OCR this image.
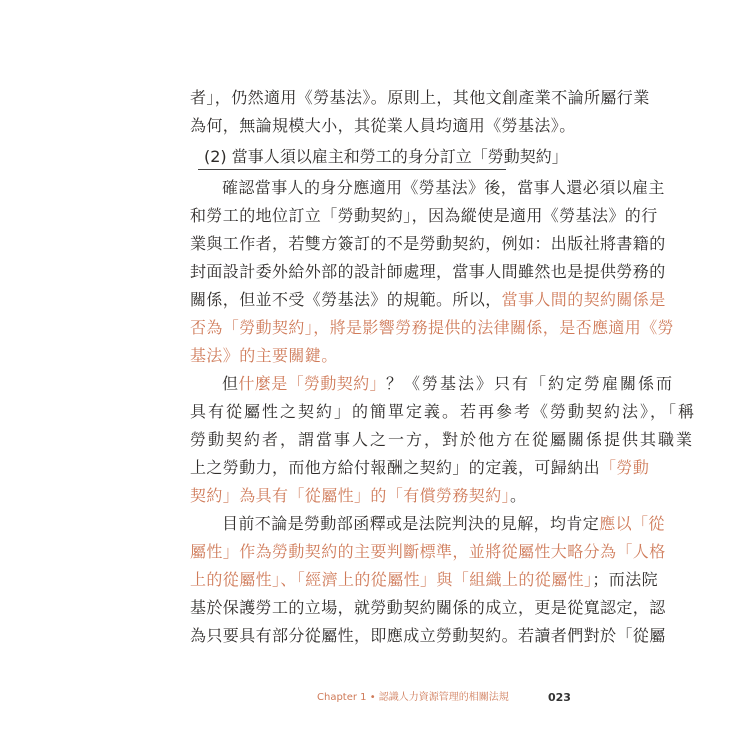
者」，仍然適用《勞基法》。原則上，其他文創產業不論所屬行業
為何，無論規模大小，其從業人員均適用《勞基法》。
(2) 當事人須以雇主和勞工的身分訂立「勞動契約」
確認當事人的身分應適用《勞基法》後，當事人還必須以雇主
和勞工的地位訂立「勞動契約」，因為縱使是適用《勞基法》的行
業與工作者，若雙方簽訂的不是勞動契約，例如：出版社將書籍的
封面設計委外給外部的設計師處理，當事人間雖然也是提供勞務的
關係，但並不受《勞基法》的規範。所以，當事人間的契約關係是
否為「勞動契約」，將是影響勞務提供的法律關係，是否應適用《勞
基法》的主要關鍵。
但什麼是「勞動契約」？《勞基法》只有「約定勞雇關係而
具有從屬性之契約」的簡單定義。若再參考《勞動契約法》，「稱
勞動契約者，謂當事人之一方，對於他方在從屬關係提供其職業
上之勞動力，而他方給付報酬之契約」的定義，可歸納出「勞動
契約」為具有「從屬性」的「有償勞務契約」。
目前不論是勞動部函釋或是法院判決的見解，均肯定應以「從
屬性」作為勞動契約的主要判斷標準，並將從屬性大略分為「人格
上的從屬性」、「經濟上的從屬性」與「組織上的從屬性」；而法院
基於保護勞工的立場，就勞動契約關係的成立，更是從寬認定，認
為只要具有部分從屬性，即應成立勞動契約。若讀者們對於「從屬
Chapter 1 • 認識人力資源管理的相關法規	023
